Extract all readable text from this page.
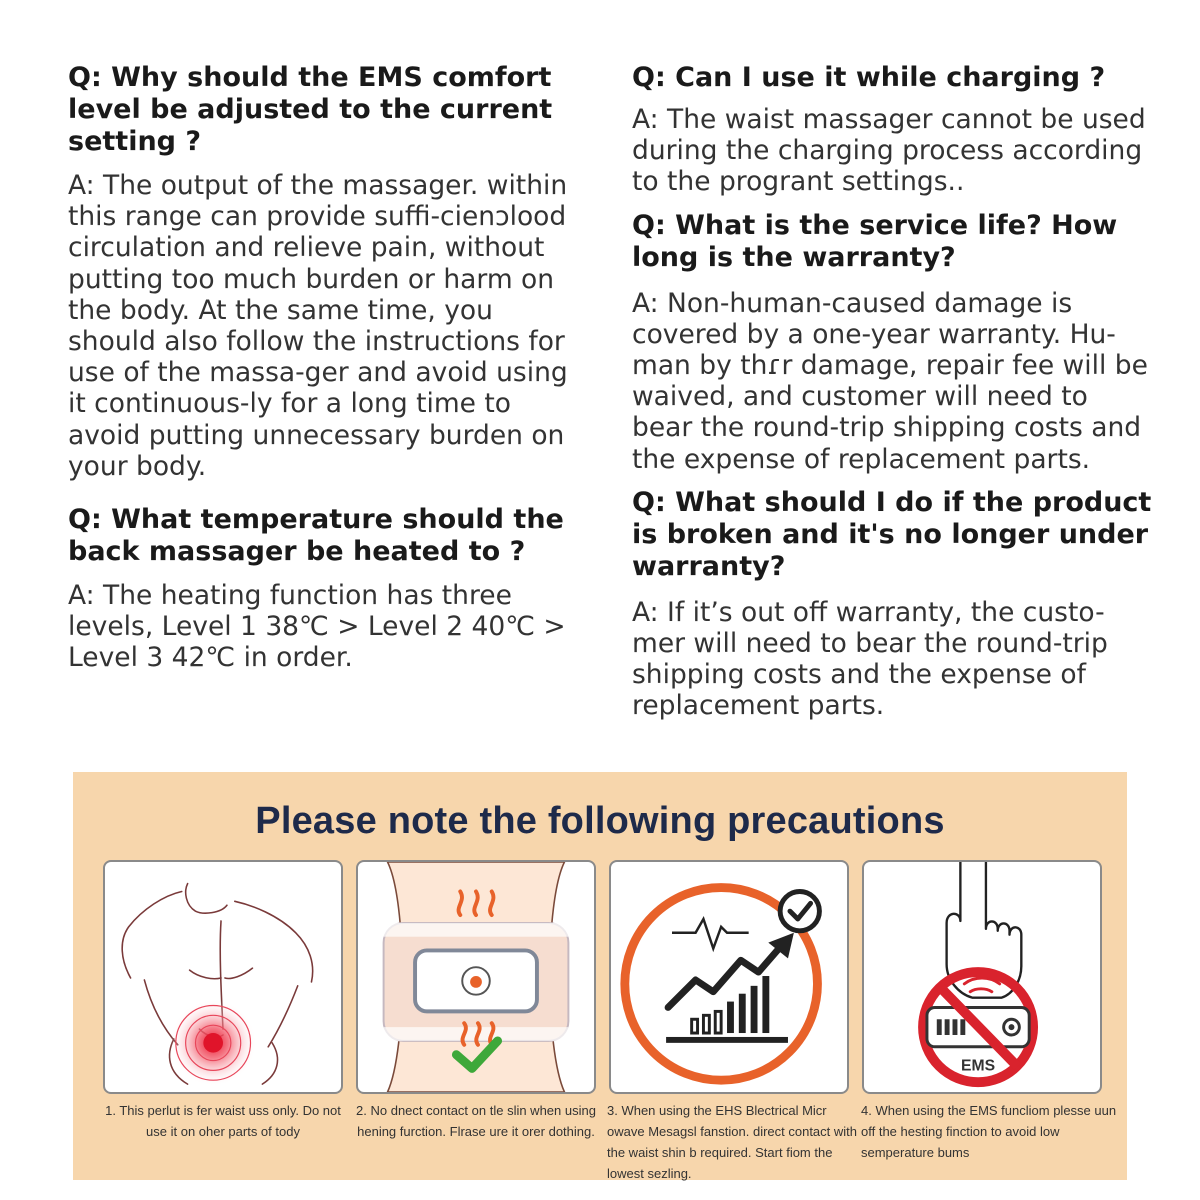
Q: Why should the EMS comfort level be adjusted to the current setting ?
A: The output of the massager. within this range can provide suffi-cienɔlood circulation and relieve pain, without putting too much burden or harm on the body. At the same time, you should also follow the instructions for use of the massa-ger and avoid using it continuous-ly for a long time to avoid putting unnecessary burden on your body.
Q: What temperature should the back massager be heated to ?
A: The heating function has three levels, Level 1 38℃ > Level 2 40℃ > Level 3 42℃ in order.
Q: Can I use it while charging ?
A: The waist massager cannot be used during the charging process according to the progrant settings..
Q: What is the service life? How long is the warranty?
A: Non-human-caused damage is covered by a one-year warranty. Hu-man by thɾr damage, repair fee will be waived, and customer will need to bear the round-trip shipping costs and the expense of replacement parts.
Q: What should I do if the product is broken and it's no longer under warranty?
A: If it’s out off warranty, the custo-mer will need to bear the round-trip shipping costs and the expense of replacement parts.
Please note the following precautions
1. This perlut is fer waist uss only. Do not use it on oher parts of tody
2. No dnect contact on tle slin when using hening furction. Flrase ure it orer dothing.
3. When using the EHS Blectrical Micr owave Mesagsl fanstion. direct contact with the waist shin b required. Start fiom the lowest sezling.
EMS
4. When using the EMS funcliom plesse uun off the hesting finction to avoid low semperature bums
